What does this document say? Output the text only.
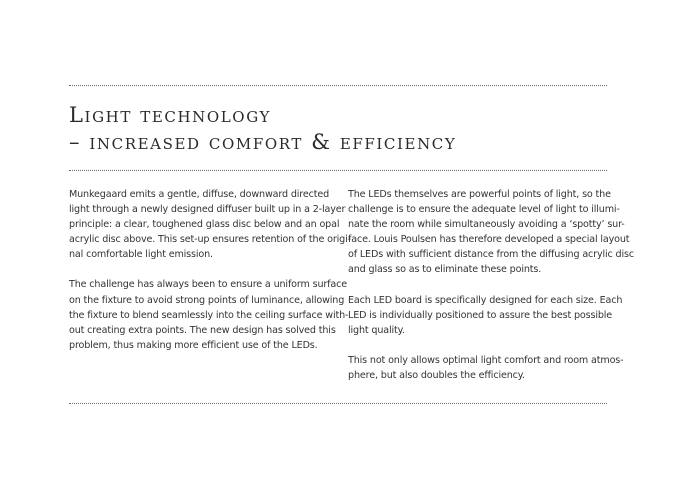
Light technology
– increased comfort & efficiency

Munkegaard emits a gentle, diffuse, downward directed
light through a newly designed diffuser built up in a 2-layer
principle: a clear, toughened glass disc below and an opal
acrylic disc above. This set-up ensures retention of the origi-
nal comfortable light emission.

The challenge has always been to ensure a uniform surface
on the fixture to avoid strong points of luminance, allowing
the fixture to blend seamlessly into the ceiling surface with-
out creating extra points. The new design has solved this
problem, thus making more efficient use of the LEDs.

The LEDs themselves are powerful points of light, so the
challenge is to ensure the adequate level of light to illumi-
nate the room while simultaneously avoiding a ‘spotty’ sur-
face. Louis Poulsen has therefore developed a special layout
of LEDs with sufficient distance from the diffusing acrylic disc
and glass so as to eliminate these points.

Each LED board is specifically designed for each size. Each
LED is individually positioned to assure the best possible
light quality.

This not only allows optimal light comfort and room atmos-
phere, but also doubles the efficiency.
